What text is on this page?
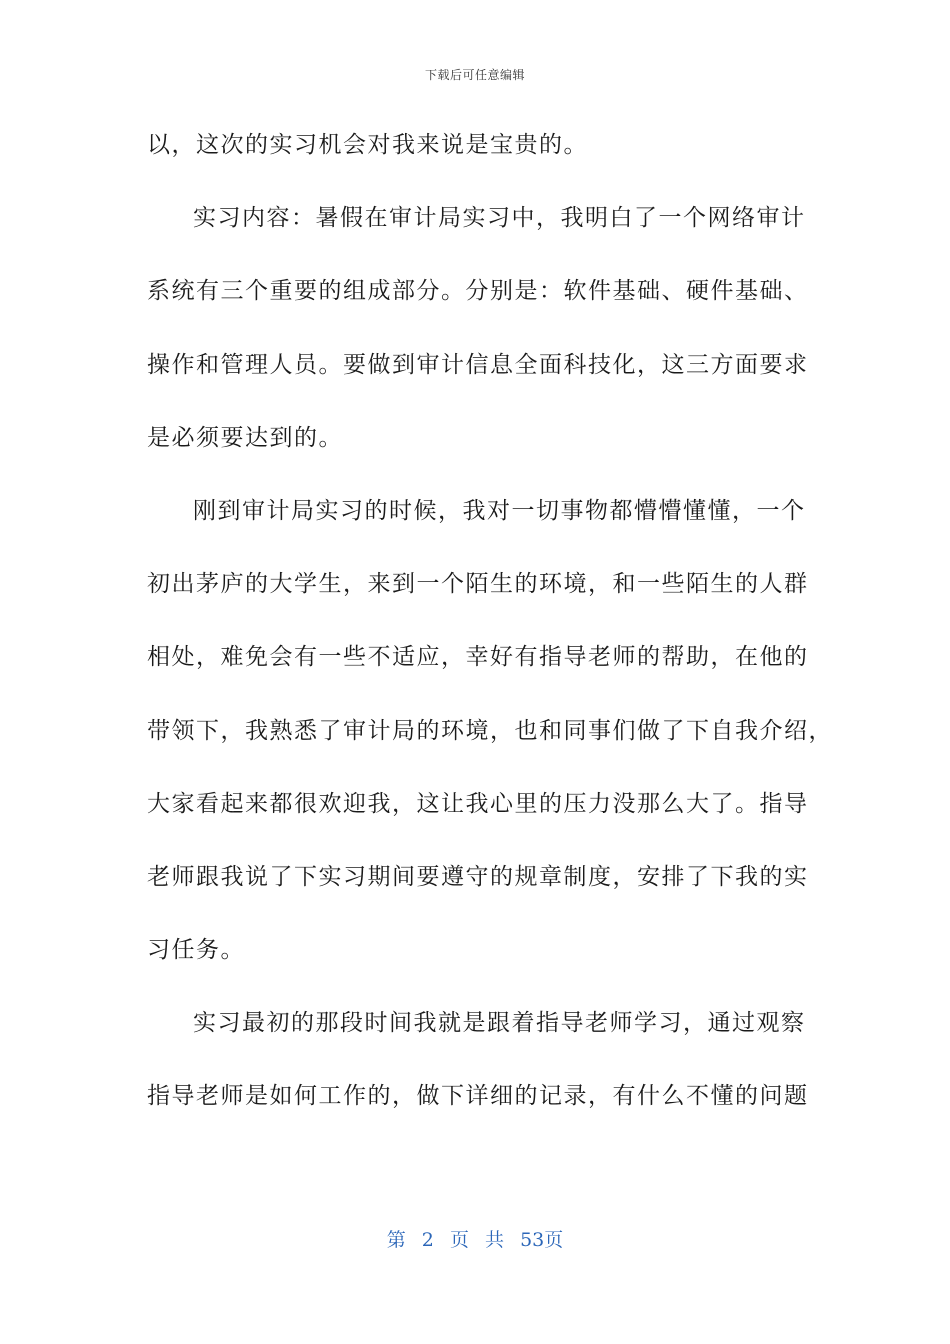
下载后可任意编辑
以，这次的实习机会对我来说是宝贵的。
实习内容：暑假在审计局实习中，我明白了一个网络审计
系统有三个重要的组成部分。分别是：软件基础、硬件基础、
操作和管理人员。要做到审计信息全面科技化，这三方面要求
是必须要达到的。
刚到审计局实习的时候，我对一切事物都懵懵懂懂，一个
初出茅庐的大学生，来到一个陌生的环境，和一些陌生的人群
相处，难免会有一些不适应，幸好有指导老师的帮助，在他的
带领下，我熟悉了审计局的环境，也和同事们做了下自我介绍，
大家看起来都很欢迎我，这让我心里的压力没那么大了。指导
老师跟我说了下实习期间要遵守的规章制度，安排了下我的实
习任务。
实习最初的那段时间我就是跟着指导老师学习，通过观察
指导老师是如何工作的，做下详细的记录，有什么不懂的问题
第 2 页 共 53页
